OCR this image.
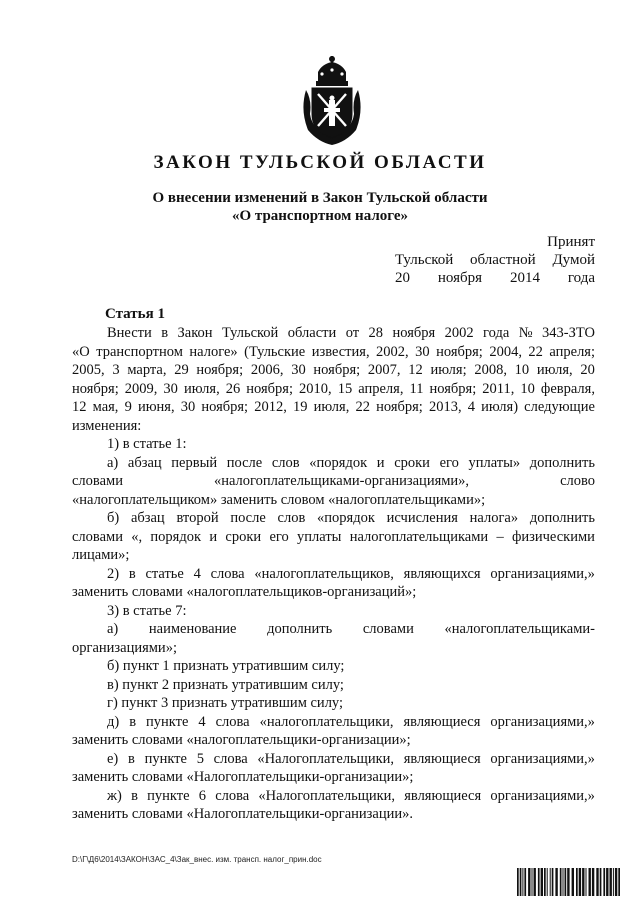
ЗАКОН ТУЛЬСКОЙ ОБЛАСТИ
О внесении изменений в Закон Тульской области
«О транспортном налоге»
Принят
Тульской областной Думой
20 ноября 2014 года
Статья 1
Внести в Закон Тульской области от 28 ноября 2002 года № 343-ЗТО
«О транспортном налоге» (Тульские известия, 2002, 30 ноября; 2004, 22 апреля;
2005, 3 марта, 29 ноября; 2006, 30 ноября; 2007, 12 июля; 2008, 10 июля, 20
ноября; 2009, 30 июля, 26 ноября; 2010, 15 апреля, 11 ноября; 2011, 10 февраля,
12 мая, 9 июня, 30 ноября; 2012, 19 июля, 22 ноября; 2013, 4 июля) следующие
изменения:
1) в статье 1:
а) абзац первый после слов «порядок и сроки его уплаты» дополнить
словами	«налогоплательщиками-организациями»,	слово
«налогоплательщиком» заменить словом «налогоплательщиками»;
б) абзац второй после слов «порядок исчисления налога» дополнить
словами «, порядок и сроки его уплаты налогоплательщиками – физическими
лицами»;
2) в статье 4 слова «налогоплательщиков, являющихся организациями,»
заменить словами «налогоплательщиков-организаций»;
3) в статье 7:
а) наименование дополнить словами «налогоплательщиками-
организациями»;
б) пункт 1 признать утратившим силу;
в) пункт 2 признать утратившим силу;
г) пункт 3 признать утратившим силу;
д) в пункте 4 слова «налогоплательщики, являющиеся организациями,»
заменить словами «налогоплательщики-организации»;
е) в пункте 5 слова «Налогоплательщики, являющиеся организациями,»
заменить словами «Налогоплательщики-организации»;
ж) в пункте 6 слова «Налогоплательщики, являющиеся организациями,»
заменить словами «Налогоплательщики-организации».
D:\Г\Д6\2014\ЗАКОН\ЗАС_4\Зак_внес. изм. трансп. налог_прин.doc
